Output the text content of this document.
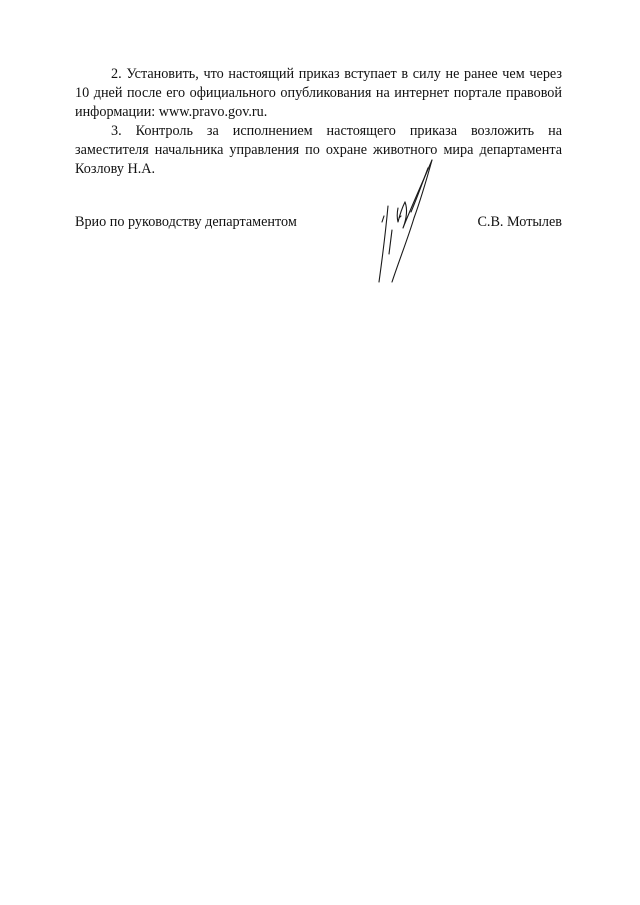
2. Установить, что настоящий приказ вступает в силу не ранее чем через 10 дней после его официального опубликования на интернет портале правовой информации: www.pravo.gov.ru.

3. Контроль за исполнением настоящего приказа возложить на заместителя начальника управления по охране животного мира департамента Козлову Н.А.

Врио по руководству департаментом	С.В. Мотылев
